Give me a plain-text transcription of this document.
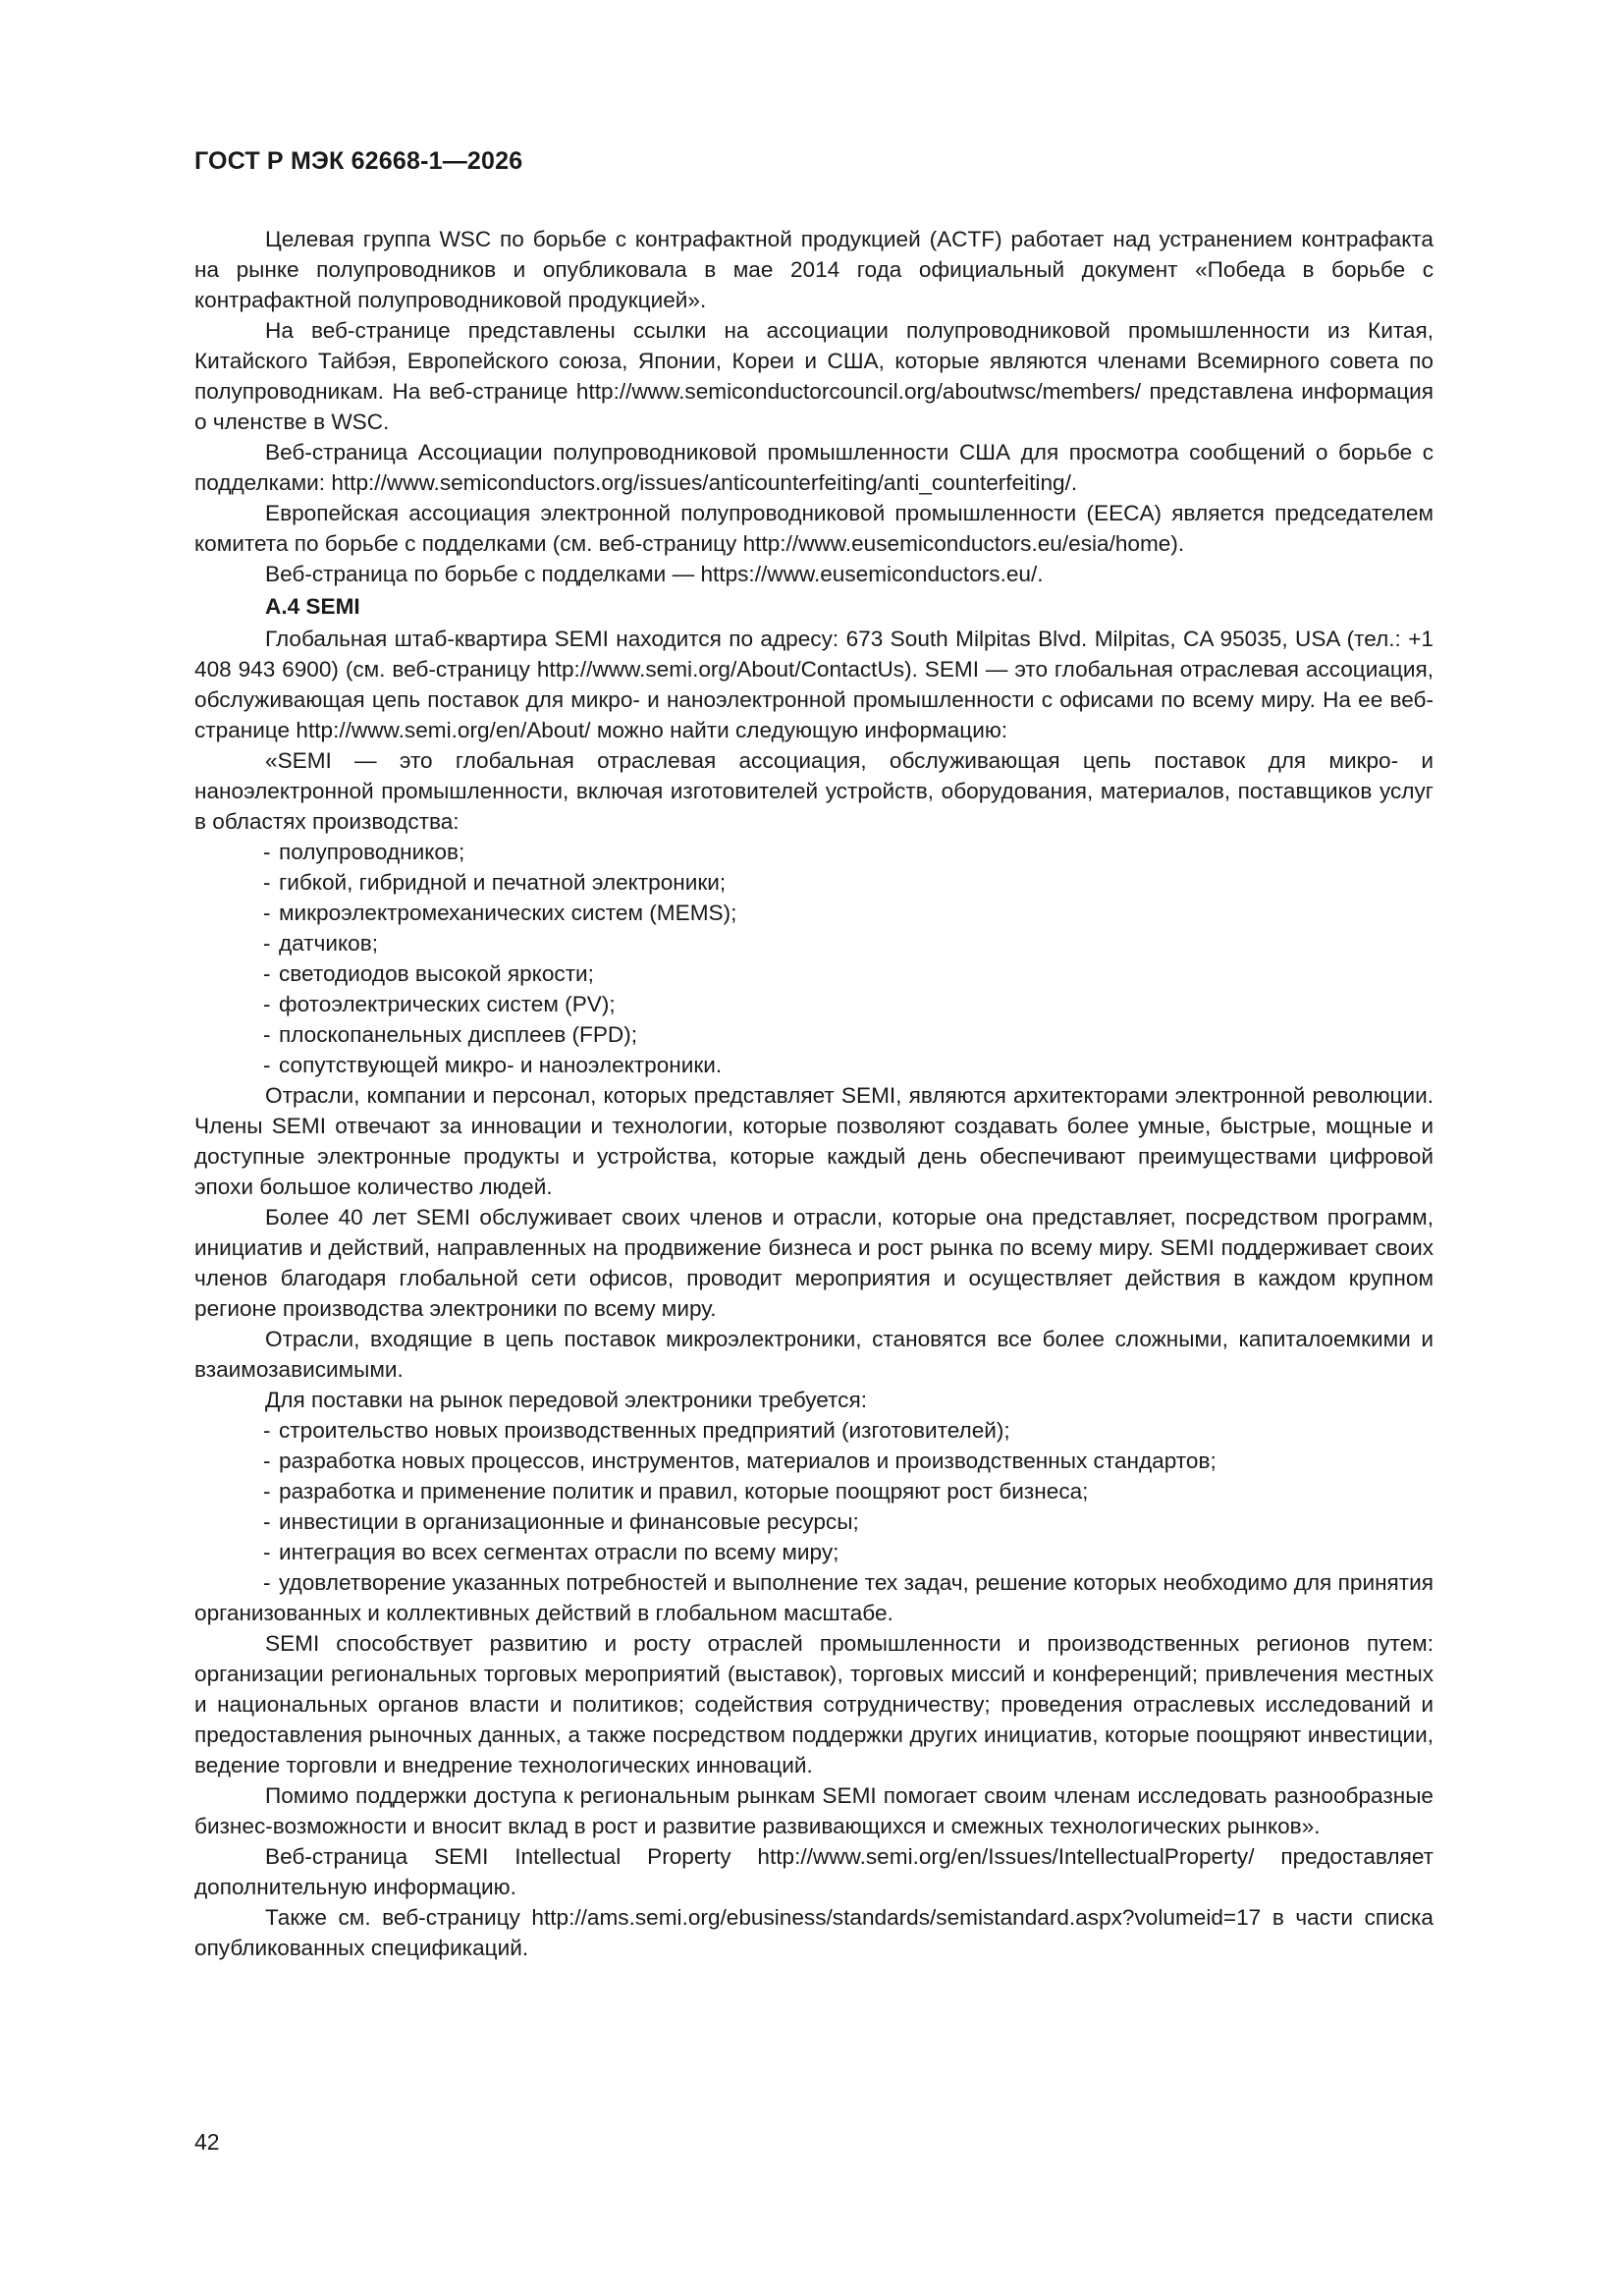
ГОСТ Р МЭК 62668-1—2026

Целевая группа WSC по борьбе с контрафактной продукцией (ACTF) работает над устранением контрафакта на рынке полупроводников и опубликовала в мае 2014 года официальный документ «Победа в борьбе с контрафактной полупроводниковой продукцией».

На веб-странице представлены ссылки на ассоциации полупроводниковой промышленности из Китая, Китайского Тайбэя, Европейского союза, Японии, Кореи и США, которые являются членами Всемирного совета по полупроводникам. На веб-странице http://www.semiconductorcouncil.org/aboutwsc/members/ представлена информация о членстве в WSC.

Веб-страница Ассоциации полупроводниковой промышленности США для просмотра сообщений о борьбе с подделками: http://www.semiconductors.org/issues/anticounterfeiting/anti_counterfeiting/.

Европейская ассоциация электронной полупроводниковой промышленности (EECA) является председателем комитета по борьбе с подделками (см. веб-страницу http://www.eusemiconductors.eu/esia/home).

Веб-страница по борьбе с подделками — https://www.eusemiconductors.eu/.

A.4 SEMI

Глобальная штаб-квартира SEMI находится по адресу: 673 South Milpitas Blvd. Milpitas, CA 95035, USA (тел.: +1 408 943 6900) (см. веб-страницу http://www.semi.org/About/ContactUs). SEMI — это глобальная отраслевая ассоциация, обслуживающая цепь поставок для микро- и наноэлектронной промышленности с офисами по всему миру. На ее веб-странице http://www.semi.org/en/About/ можно найти следующую информацию:

«SEMI — это глобальная отраслевая ассоциация, обслуживающая цепь поставок для микро- и наноэлектронной промышленности, включая изготовителей устройств, оборудования, материалов, поставщиков услуг в областях производства:

- полупроводников;
- гибкой, гибридной и печатной электроники;
- микроэлектромеханических систем (MEMS);
- датчиков;
- светодиодов высокой яркости;
- фотоэлектрических систем (PV);
- плоскопанельных дисплеев (FPD);
- сопутствующей микро- и наноэлектроники.

Отрасли, компании и персонал, которых представляет SEMI, являются архитекторами электронной революции. Члены SEMI отвечают за инновации и технологии, которые позволяют создавать более умные, быстрые, мощные и доступные электронные продукты и устройства, которые каждый день обеспечивают преимуществами цифровой эпохи большое количество людей.

Более 40 лет SEMI обслуживает своих членов и отрасли, которые она представляет, посредством программ, инициатив и действий, направленных на продвижение бизнеса и рост рынка по всему миру. SEMI поддерживает своих членов благодаря глобальной сети офисов, проводит мероприятия и осуществляет действия в каждом крупном регионе производства электроники по всему миру.

Отрасли, входящие в цепь поставок микроэлектроники, становятся все более сложными, капиталоемкими и взаимозависимыми.

Для поставки на рынок передовой электроники требуется:

- строительство новых производственных предприятий (изготовителей);
- разработка новых процессов, инструментов, материалов и производственных стандартов;
- разработка и применение политик и правил, которые поощряют рост бизнеса;
- инвестиции в организационные и финансовые ресурсы;
- интеграция во всех сегментах отрасли по всему миру;
- удовлетворение указанных потребностей и выполнение тех задач, решение которых необходимо для принятия организованных и коллективных действий в глобальном масштабе.

SEMI способствует развитию и росту отраслей промышленности и производственных регионов путем: организации региональных торговых мероприятий (выставок), торговых миссий и конференций; привлечения местных и национальных органов власти и политиков; содействия сотрудничеству; проведения отраслевых исследований и предоставления рыночных данных, а также посредством поддержки других инициатив, которые поощряют инвестиции, ведение торговли и внедрение технологических инноваций.

Помимо поддержки доступа к региональным рынкам SEMI помогает своим членам исследовать разнообразные бизнес-возможности и вносит вклад в рост и развитие развивающихся и смежных технологических рынков».

Веб-страница SEMI Intellectual Property http://www.semi.org/en/Issues/IntellectualProperty/ предоставляет дополнительную информацию.

Также см. веб-страницу http://ams.semi.org/ebusiness/standards/semistandard.aspx?volumeid=17 в части списка опубликованных спецификаций.

42
